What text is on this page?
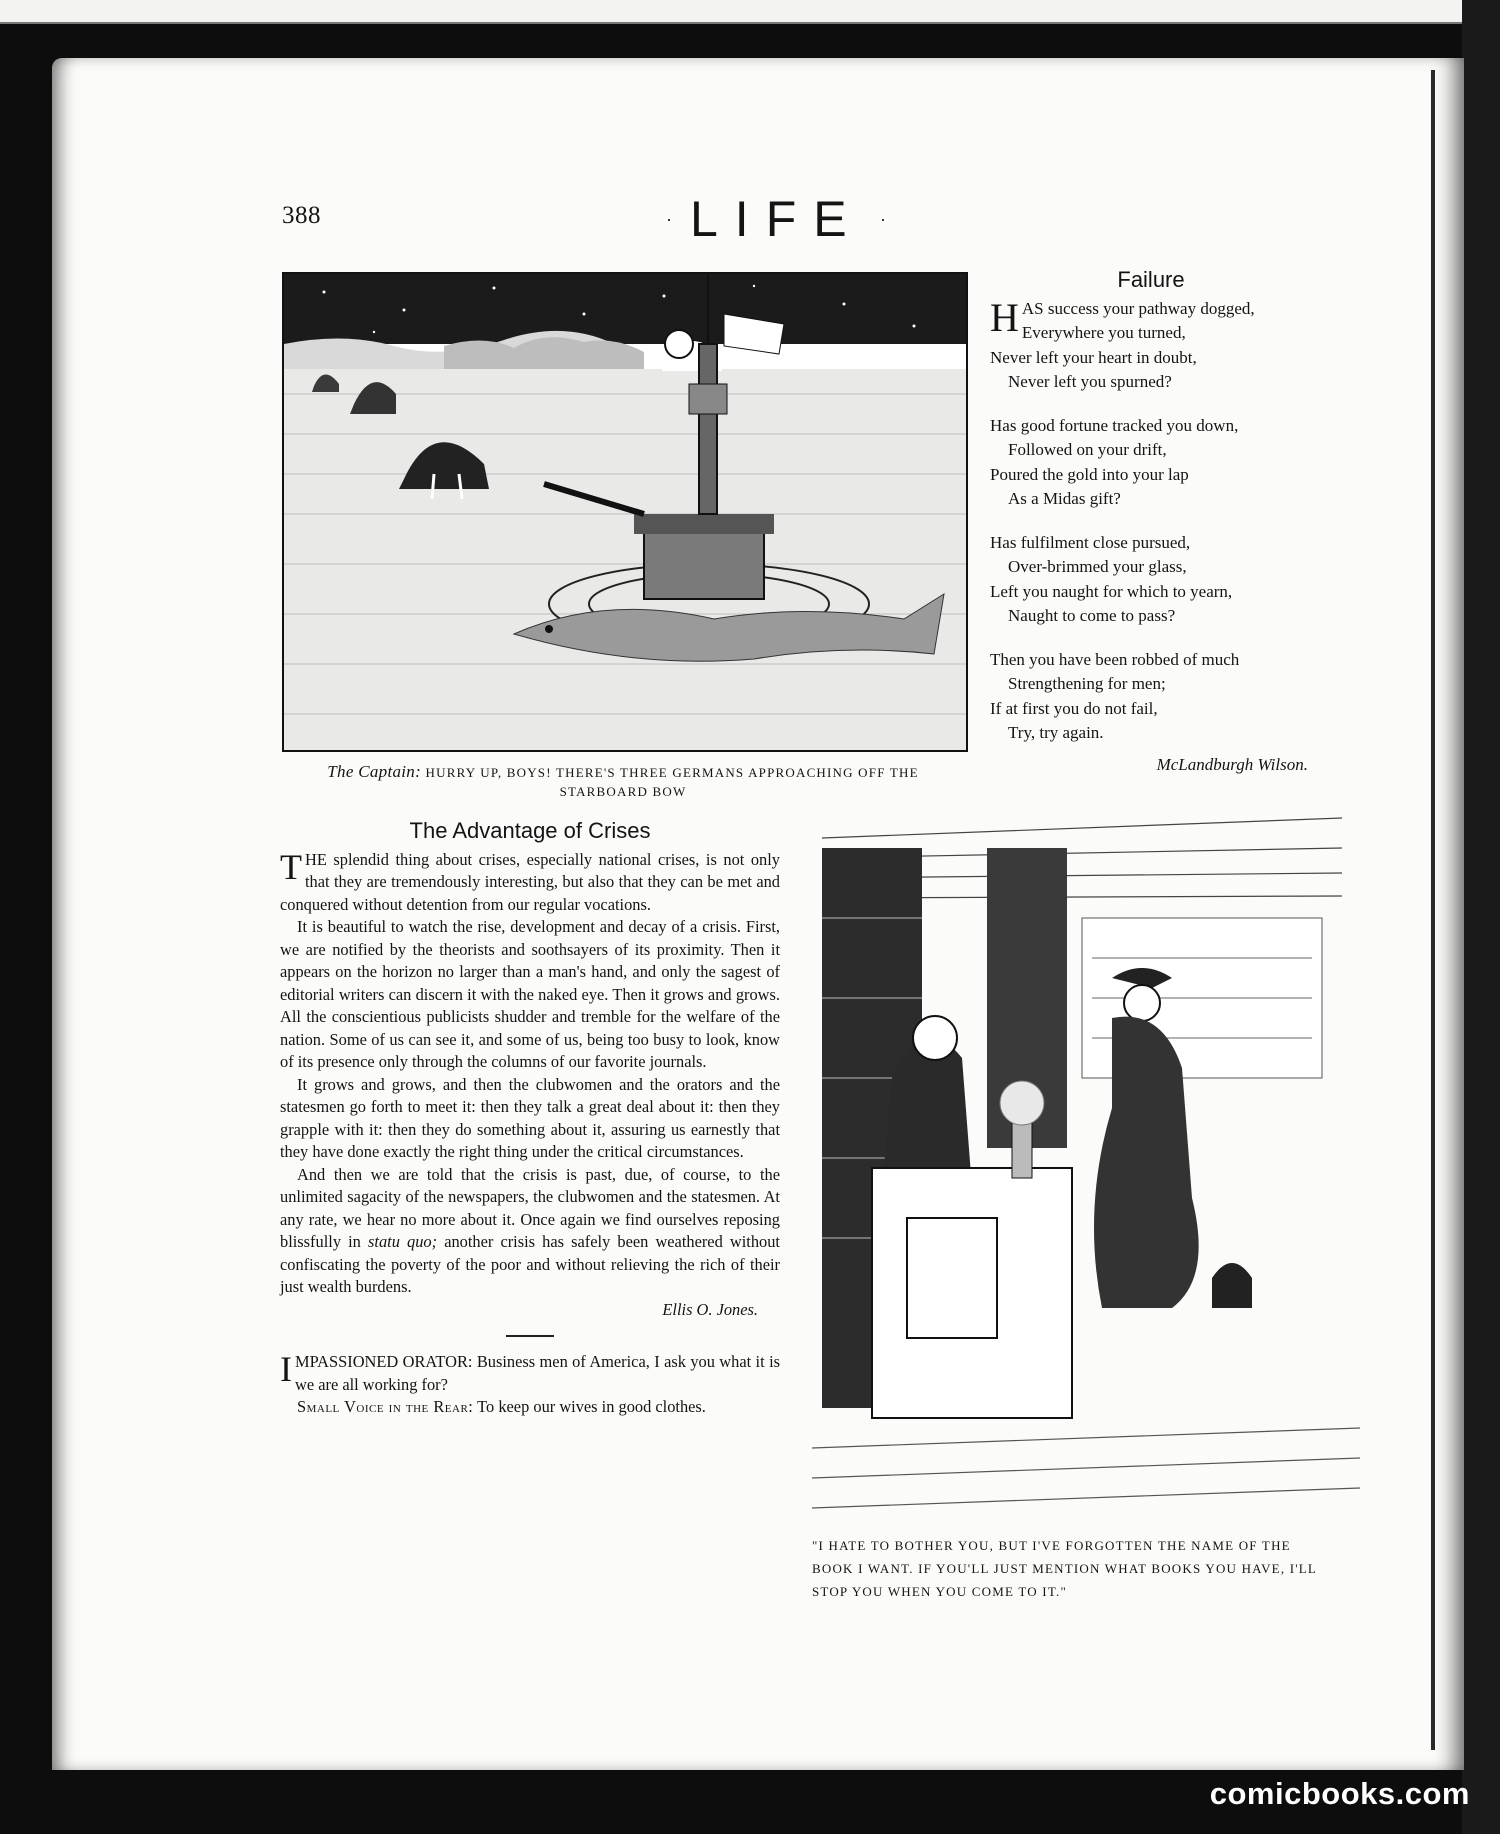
388	· LIFE ·
The Captain: HURRY UP, BOYS! THERE'S THREE GERMANS APPROACHING OFF THE STARBOARD BOW
Failure
H AS success your pathway dogged,
Everywhere you turned,
Never left your heart in doubt,
Never left you spurned?
Has good fortune tracked you down,
Followed on your drift,
Poured the gold into your lap
As a Midas gift?
Has fulfilment close pursued,
Over-brimmed your glass,
Left you naught for which to yearn,
Naught to come to pass?
Then you have been robbed of much
Strengthening for men;
If at first you do not fail,
Try, try again.
McLandburgh Wilson.
The Advantage of Crises

THE splendid thing about crises, especially national crises, is not only that they are tremendously interesting, but also that they can be met and conquered without detention from our regular vocations.

It is beautiful to watch the rise, development and decay of a crisis. First, we are notified by the theorists and soothsayers of its proximity. Then it appears on the horizon no larger than a man's hand, and only the sagest of editorial writers can discern it with the naked eye. Then it grows and grows. All the conscientious publicists shudder and tremble for the welfare of the nation. Some of us can see it, and some of us, being too busy to look, know of its presence only through the columns of our favorite journals.

It grows and grows, and then the clubwomen and the orators and the statesmen go forth to meet it: then they talk a great deal about it: then they grapple with it: then they do something about it, assuring us earnestly that they have done exactly the right thing under the critical circumstances.

And then we are told that the crisis is past, due, of course, to the unlimited sagacity of the newspapers, the clubwomen and the statesmen. At any rate, we hear no more about it. Once again we find ourselves reposing blissfully in statu quo; another crisis has safely been weathered without confiscating the poverty of the poor and without relieving the rich of their just wealth burdens.

Ellis O. Jones.

IMPASSIONED ORATOR: Business men of America, I ask you what it is we are all working for?

Small Voice in the Rear: To keep our wives in good clothes.

"I HATE TO BOTHER YOU, BUT I'VE FORGOTTEN THE NAME OF THE BOOK I WANT. IF YOU'LL JUST MENTION WHAT BOOKS YOU HAVE, I'LL STOP YOU WHEN YOU COME TO IT."
comicbooks.com
